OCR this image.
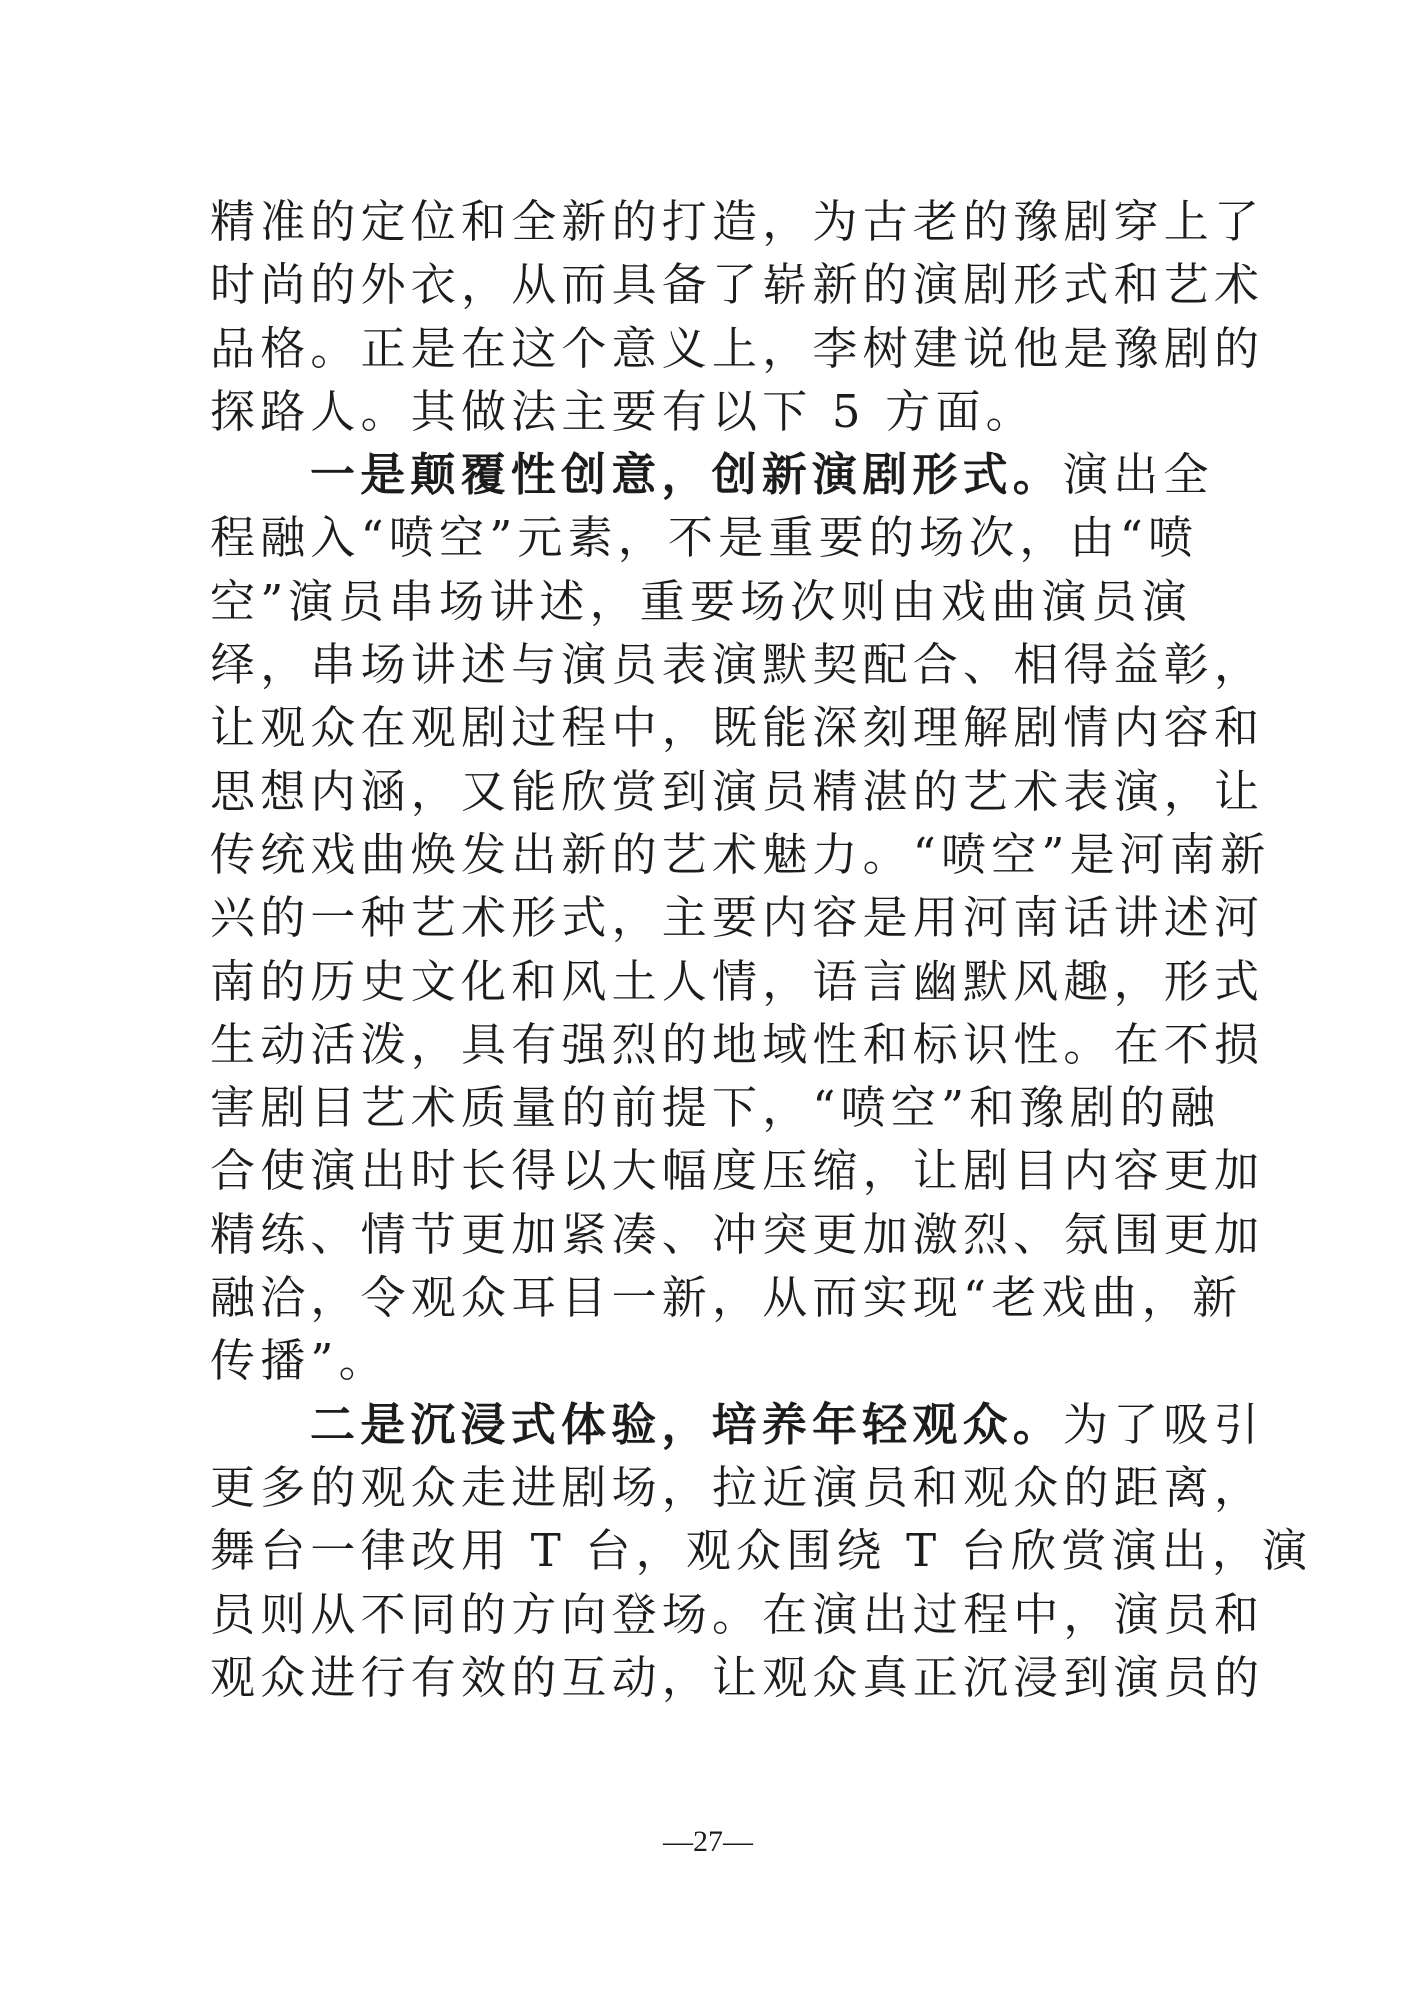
精准的定位和全新的打造，为古老的豫剧穿上了
时尚的外衣，从而具备了崭新的演剧形式和艺术
品格。正是在这个意义上，李树建说他是豫剧的
探路人。其做法主要有以下 5 方面。
一是颠覆性创意，创新演剧形式。演出全
程融入“喷空”元素，不是重要的场次，由“喷
空”演员串场讲述，重要场次则由戏曲演员演
绎，串场讲述与演员表演默契配合、相得益彰，
让观众在观剧过程中，既能深刻理解剧情内容和
思想内涵，又能欣赏到演员精湛的艺术表演，让
传统戏曲焕发出新的艺术魅力。“喷空”是河南新
兴的一种艺术形式，主要内容是用河南话讲述河
南的历史文化和风土人情，语言幽默风趣，形式
生动活泼，具有强烈的地域性和标识性。在不损
害剧目艺术质量的前提下，“喷空”和豫剧的融
合使演出时长得以大幅度压缩，让剧目内容更加
精练、情节更加紧凑、冲突更加激烈、氛围更加
融洽，令观众耳目一新，从而实现“老戏曲，新
传播”。
二是沉浸式体验，培养年轻观众。为了吸引
更多的观众走进剧场，拉近演员和观众的距离，
舞台一律改用 T 台，观众围绕 T 台欣赏演出，演
员则从不同的方向登场。在演出过程中，演员和
观众进行有效的互动，让观众真正沉浸到演员的
—27—
